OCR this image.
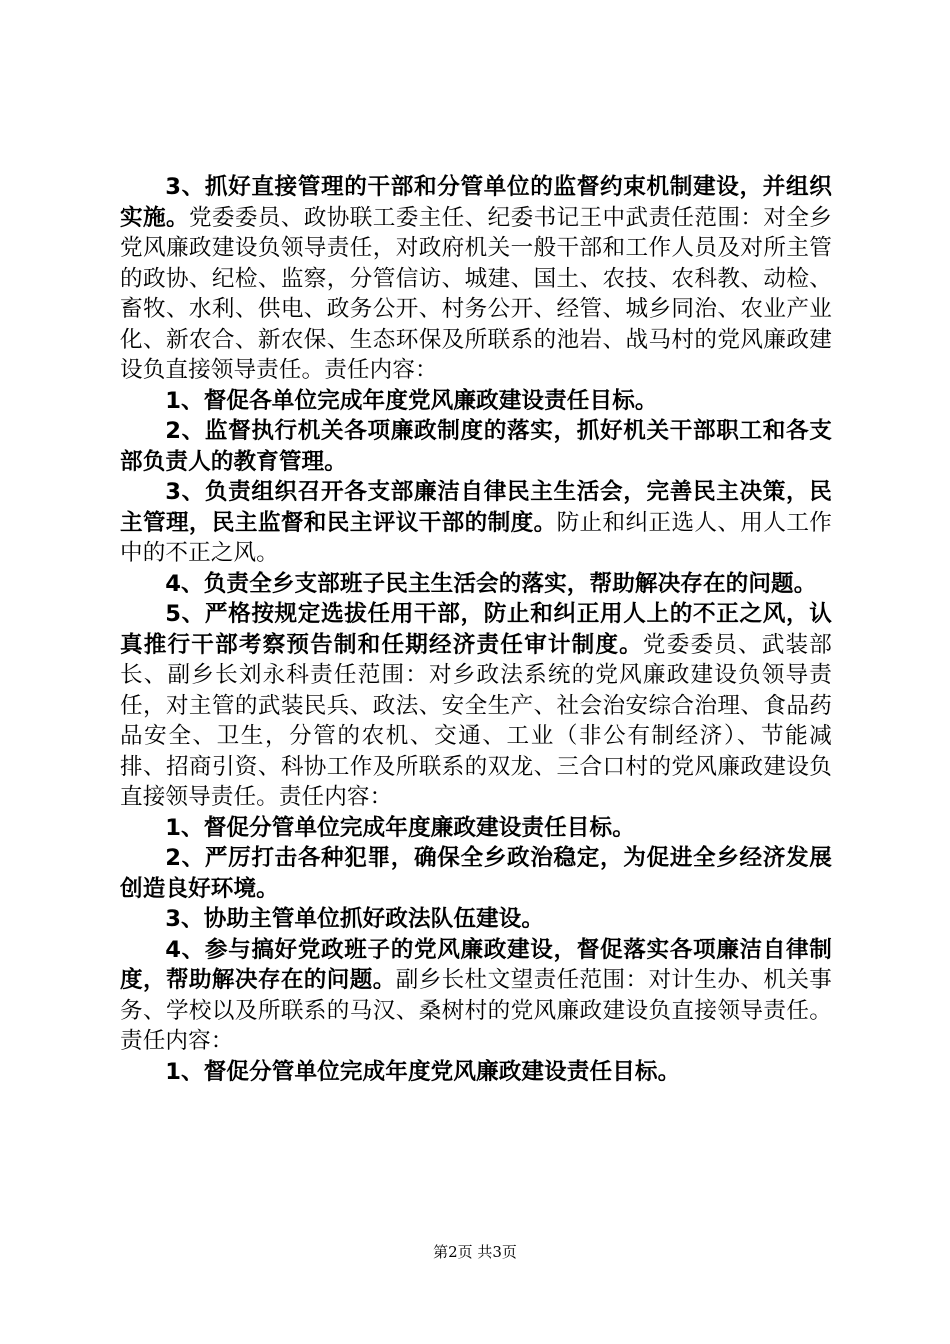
3、抓好直接管理的干部和分管单位的监督约束机制建设，并组织实施。党委委员、政协联工委主任、纪委书记王中武责任范围：对全乡党风廉政建设负领导责任，对政府机关一般干部和工作人员及对所主管的政协、纪检、监察，分管信访、城建、国土、农技、农科教、动检、畜牧、水利、供电、政务公开、村务公开、经管、城乡同治、农业产业化、新农合、新农保、生态环保及所联系的池岩、战马村的党风廉政建设负直接领导责任。责任内容：

1、督促各单位完成年度党风廉政建设责任目标。

2、监督执行机关各项廉政制度的落实，抓好机关干部职工和各支部负责人的教育管理。

3、负责组织召开各支部廉洁自律民主生活会，完善民主决策，民主管理，民主监督和民主评议干部的制度。防止和纠正选人、用人工作中的不正之风。

4、负责全乡支部班子民主生活会的落实，帮助解决存在的问题。

5、严格按规定选拔任用干部，防止和纠正用人上的不正之风，认真推行干部考察预告制和任期经济责任审计制度。党委委员、武装部长、副乡长刘永科责任范围：对乡政法系统的党风廉政建设负领导责任，对主管的武装民兵、政法、安全生产、社会治安综合治理、食品药品安全、卫生，分管的农机、交通、工业（非公有制经济）、节能减排、招商引资、科协工作及所联系的双龙、三合口村的党风廉政建设负直接领导责任。责任内容：

1、督促分管单位完成年度廉政建设责任目标。

2、严厉打击各种犯罪，确保全乡政治稳定，为促进全乡经济发展创造良好环境。

3、协助主管单位抓好政法队伍建设。

4、参与搞好党政班子的党风廉政建设，督促落实各项廉洁自律制度，帮助解决存在的问题。副乡长杜文望责任范围：对计生办、机关事务、学校以及所联系的马汉、桑树村的党风廉政建设负直接领导责任。责任内容：

1、督促分管单位完成年度党风廉政建设责任目标。

第2页 共3页
